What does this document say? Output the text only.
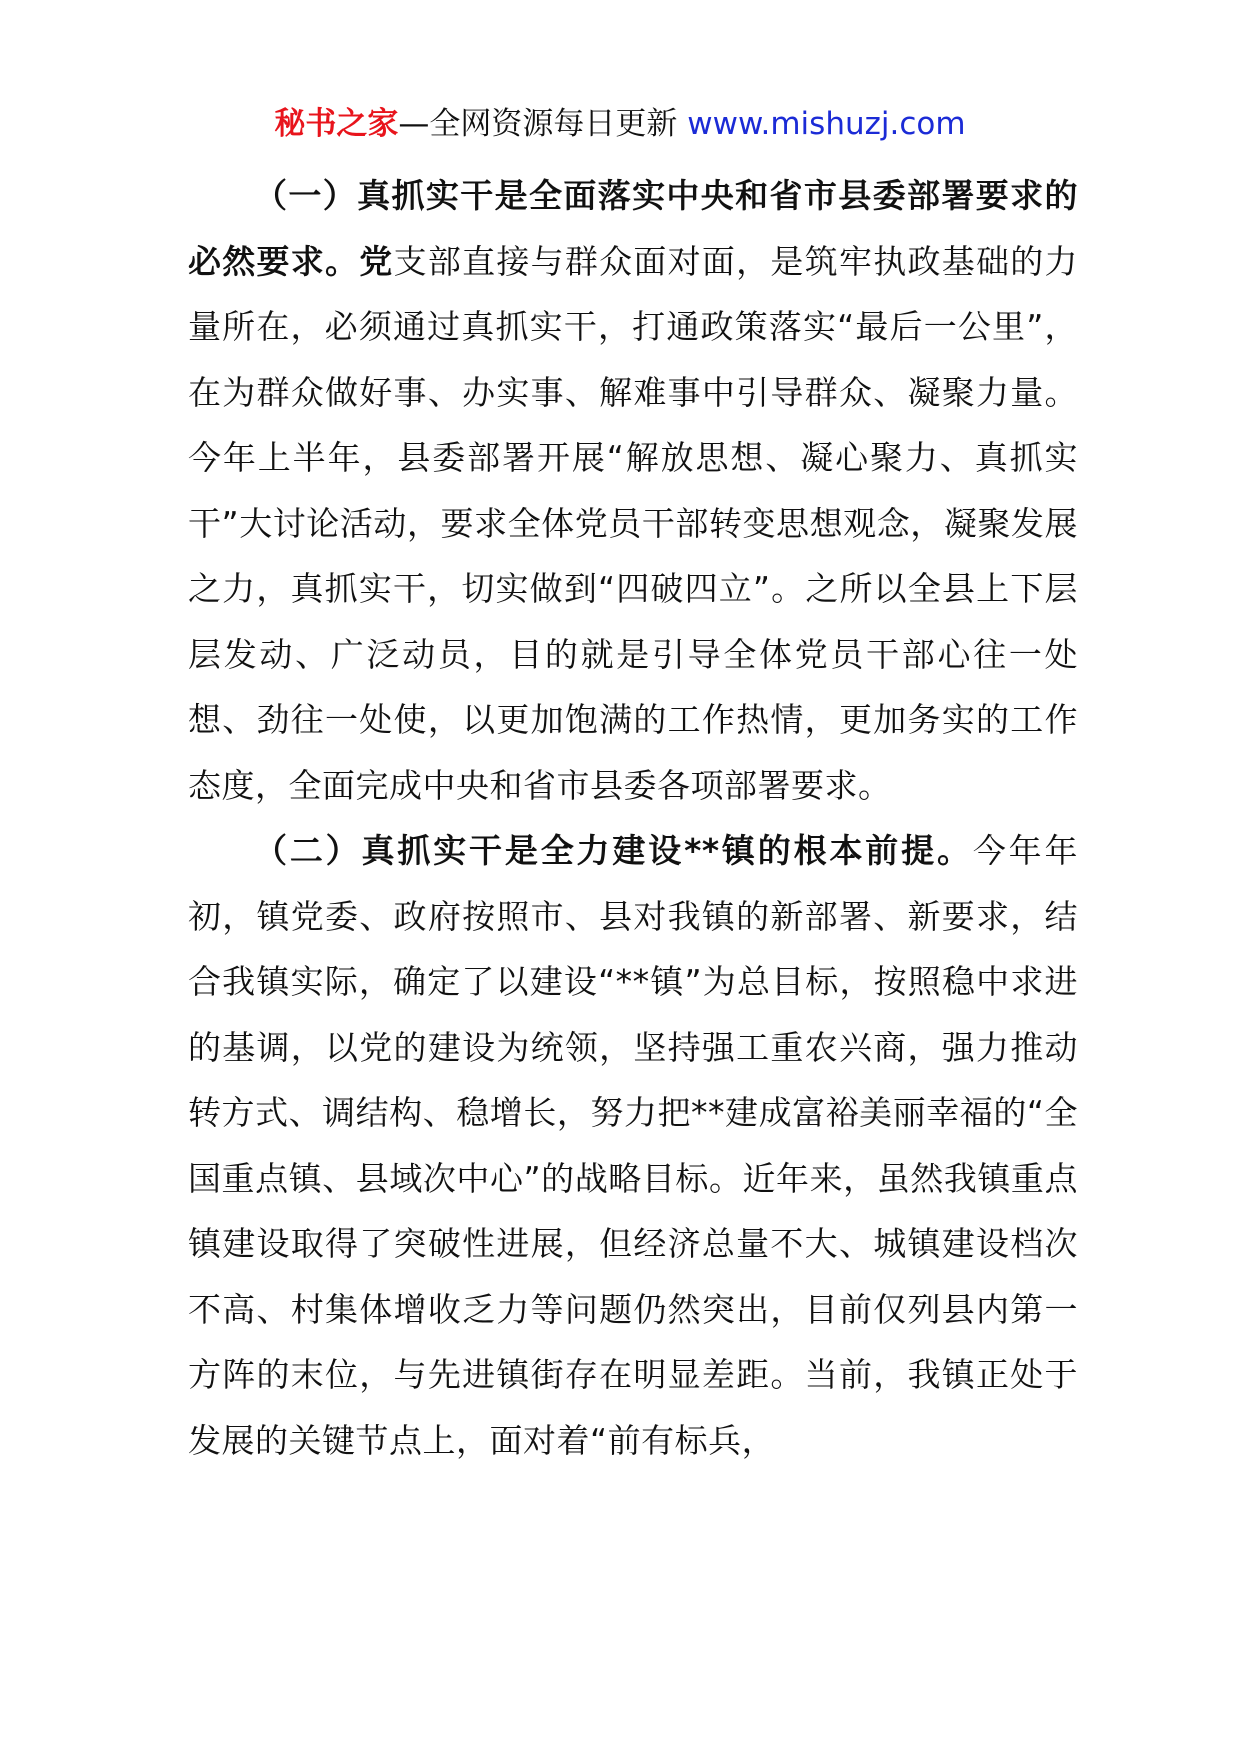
秘书之家—全网资源每日更新 www.mishuzj.com

（一）真抓实干是全面落实中央和省市县委部署要求的必然要求。党支部直接与群众面对面，是筑牢执政基础的力量所在，必须通过真抓实干，打通政策落实“最后一公里”，在为群众做好事、办实事、解难事中引导群众、凝聚力量。今年上半年，县委部署开展“解放思想、凝心聚力、真抓实干”大讨论活动，要求全体党员干部转变思想观念，凝聚发展之力，真抓实干，切实做到“四破四立”。之所以全县上下层层发动、广泛动员，目的就是引导全体党员干部心往一处想、劲往一处使，以更加饱满的工作热情，更加务实的工作态度，全面完成中央和省市县委各项部署要求。

（二）真抓实干是全力建设**镇的根本前提。今年年初，镇党委、政府按照市、县对我镇的新部署、新要求，结合我镇实际，确定了以建设“**镇”为总目标，按照稳中求进的基调，以党的建设为统领，坚持强工重农兴商，强力推动转方式、调结构、稳增长，努力把**建成富裕美丽幸福的“全国重点镇、县域次中心”的战略目标。近年来，虽然我镇重点镇建设取得了突破性进展，但经济总量不大、城镇建设档次不高、村集体增收乏力等问题仍然突出，目前仅列县内第一方阵的末位，与先进镇街存在明显差距。当前，我镇正处于发展的关键节点上，面对着“前有标兵，
